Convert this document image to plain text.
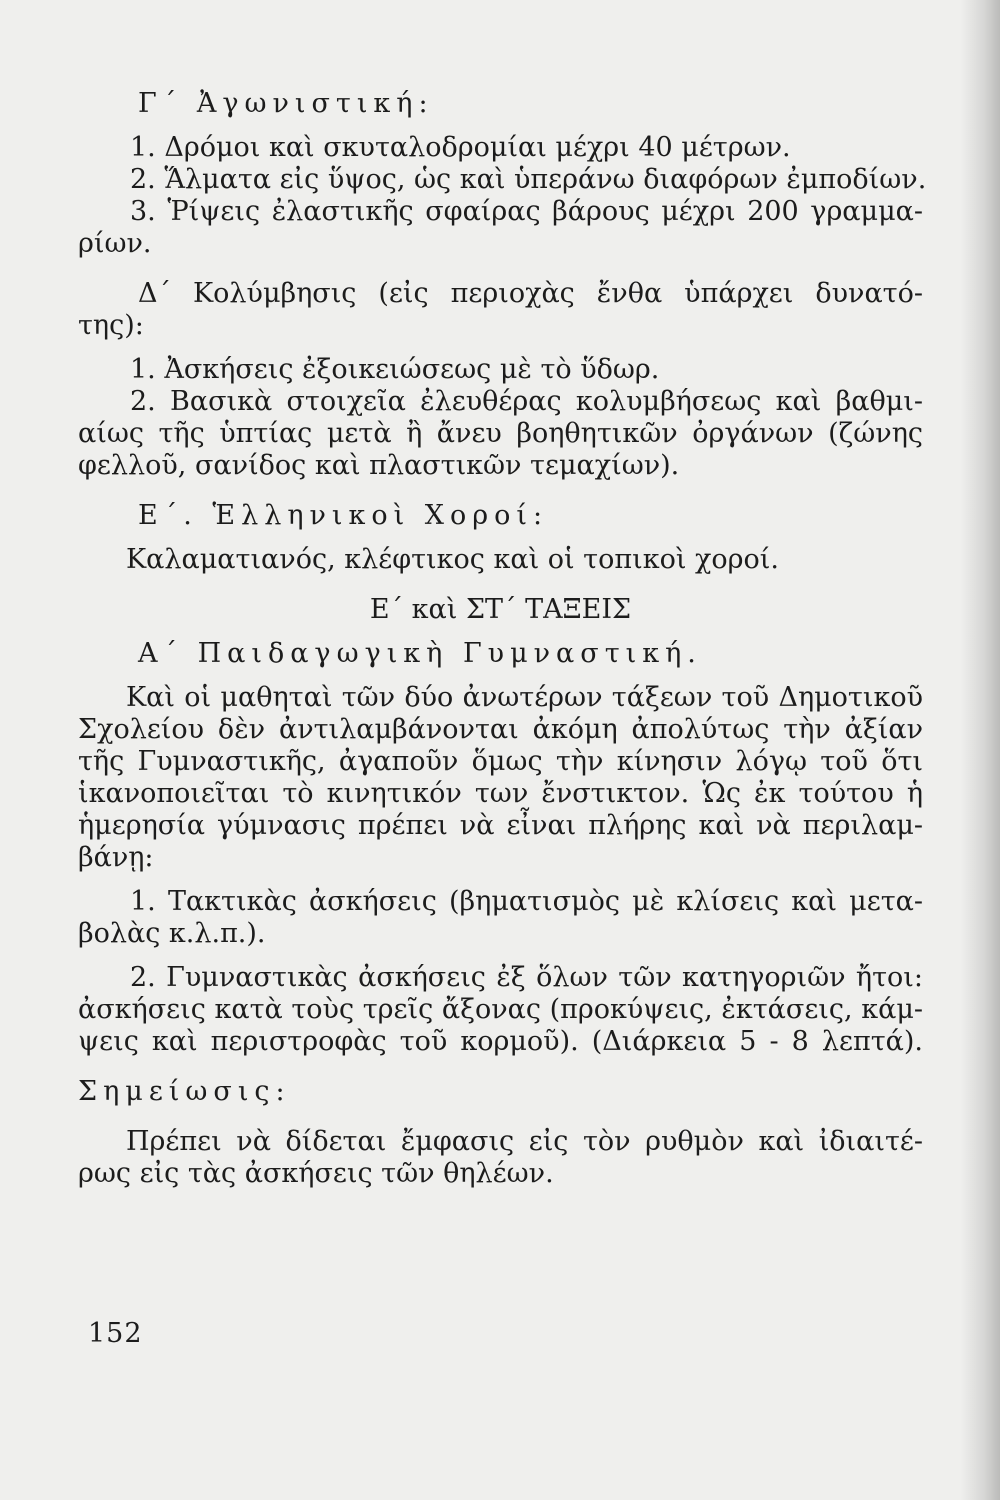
Γ΄ Ἀγωνιστική:

1. Δρόμοι καὶ σκυταλοδρομίαι μέχρι 40 μέτρων.

2. Ἅλματα εἰς ὕψος, ὡς καὶ ὑπεράνω διαφόρων ἐμποδίων.

3. Ῥίψεις ἐλαστικῆς σφαίρας βάρους μέχρι 200 γραμμα-

ρίων.

Δ΄ Κολύμβησις (εἰς περιοχὰς ἔνθα ὑπάρχει δυνατό-

της):

1. Ἀσκήσεις ἐξοικειώσεως μὲ τὸ ὕδωρ.

2. Βασικὰ στοιχεῖα ἐλευθέρας κολυμβήσεως καὶ βαθμι-

αίως τῆς ὑπτίας μετὰ ἢ ἄνευ βοηθητικῶν ὀργάνων (ζώνης

φελλοῦ, σανίδος καὶ πλαστικῶν τεμαχίων).

Ε΄. Ἑλληνικοὶ Χοροί:

Καλαματιανός, κλέφτικος καὶ οἱ τοπικοὶ χοροί.

Ε΄ καὶ ΣΤ΄ ΤΑΞΕΙΣ

Α΄ Παιδαγωγικὴ Γυμναστική.

Καὶ οἱ μαθηταὶ τῶν δύο ἀνωτέρων τάξεων τοῦ Δημοτικοῦ

Σχολείου δὲν ἀντιλαμβάνονται ἀκόμη ἀπολύτως τὴν ἀξίαν

τῆς Γυμναστικῆς, ἀγαποῦν ὅμως τὴν κίνησιν λόγῳ τοῦ ὅτι

ἱκανοποιεῖται τὸ κινητικόν των ἔνστικτον. Ὡς ἐκ τούτου ἡ

ἡμερησία γύμνασις πρέπει νὰ εἶναι πλήρης καὶ νὰ περιλαμ-

βάνῃ:

1. Τακτικὰς ἀσκήσεις (βηματισμὸς μὲ κλίσεις καὶ μετα-

βολὰς κ.λ.π.).

2. Γυμναστικὰς ἀσκήσεις ἐξ ὅλων τῶν κατηγοριῶν ἤτοι:

ἀσκήσεις κατὰ τοὺς τρεῖς ἄξονας (προκύψεις, ἐκτάσεις, κάμ-

ψεις καὶ περιστροφὰς τοῦ κορμοῦ). (Διάρκεια 5 - 8 λεπτά).

Σημείωσις:

Πρέπει νὰ δίδεται ἔμφασις εἰς τὸν ρυθμὸν καὶ ἰδιαιτέ-

ρως εἰς τὰς ἀσκήσεις τῶν θηλέων.

152
